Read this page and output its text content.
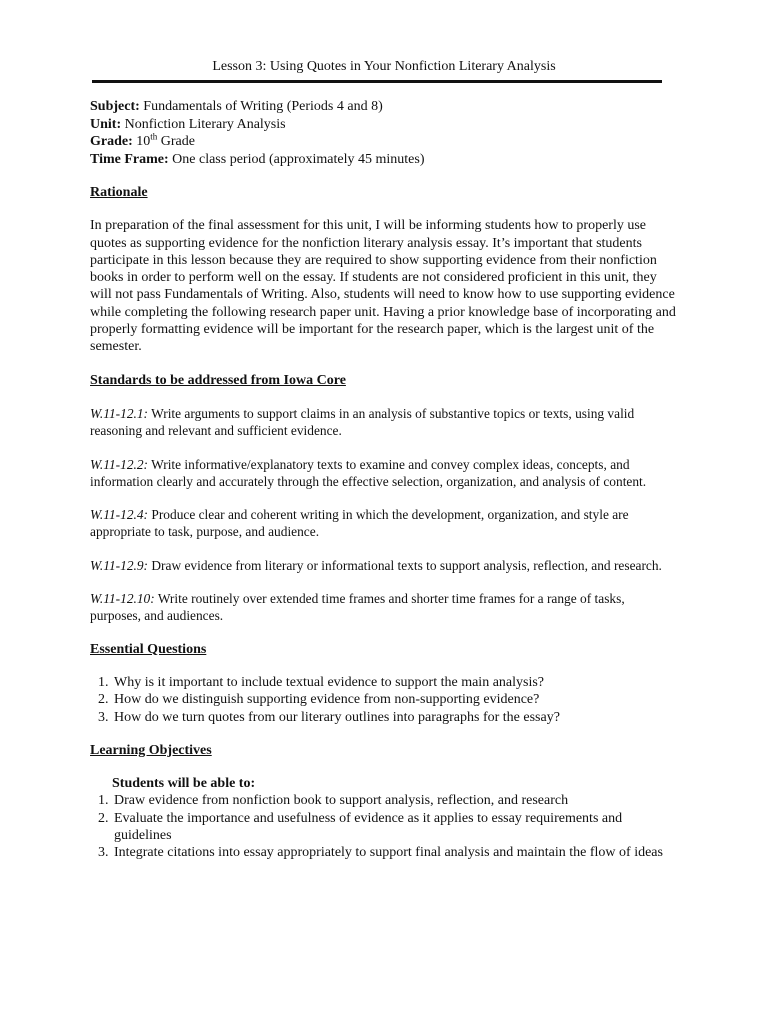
Lesson 3: Using Quotes in Your Nonfiction Literary Analysis

Subject: Fundamentals of Writing (Periods 4 and 8)

Unit: Nonfiction Literary Analysis

Grade: 10th Grade

Time Frame: One class period (approximately 45 minutes)

Rationale

In preparation of the final assessment for this unit, I will be informing students how to properly use quotes as supporting evidence for the nonfiction literary analysis essay. It’s important that students participate in this lesson because they are required to show supporting evidence from their nonfiction books in order to perform well on the essay. If students are not considered proficient in this unit, they will not pass Fundamentals of Writing. Also, students will need to know how to use supporting evidence while completing the following research paper unit. Having a prior knowledge base of incorporating and properly formatting evidence will be important for the research paper, which is the largest unit of the semester.

Standards to be addressed from Iowa Core

W.11-12.1: Write arguments to support claims in an analysis of substantive topics or texts, using valid reasoning and relevant and sufficient evidence.

W.11-12.2: Write informative/explanatory texts to examine and convey complex ideas, concepts, and information clearly and accurately through the effective selection, organization, and analysis of content.

W.11-12.4: Produce clear and coherent writing in which the development, organization, and style are appropriate to task, purpose, and audience.

W.11-12.9: Draw evidence from literary or informational texts to support analysis, reflection, and research.

W.11-12.10: Write routinely over extended time frames and shorter time frames for a range of tasks, purposes, and audiences.

Essential Questions

1. Why is it important to include textual evidence to support the main analysis?
2. How do we distinguish supporting evidence from non-supporting evidence?
3. How do we turn quotes from our literary outlines into paragraphs for the essay?

Learning Objectives

Students will be able to:

1. Draw evidence from nonfiction book to support analysis, reflection, and research
2. Evaluate the importance and usefulness of evidence as it applies to essay requirements and guidelines
3. Integrate citations into essay appropriately to support final analysis and maintain the flow of ideas
